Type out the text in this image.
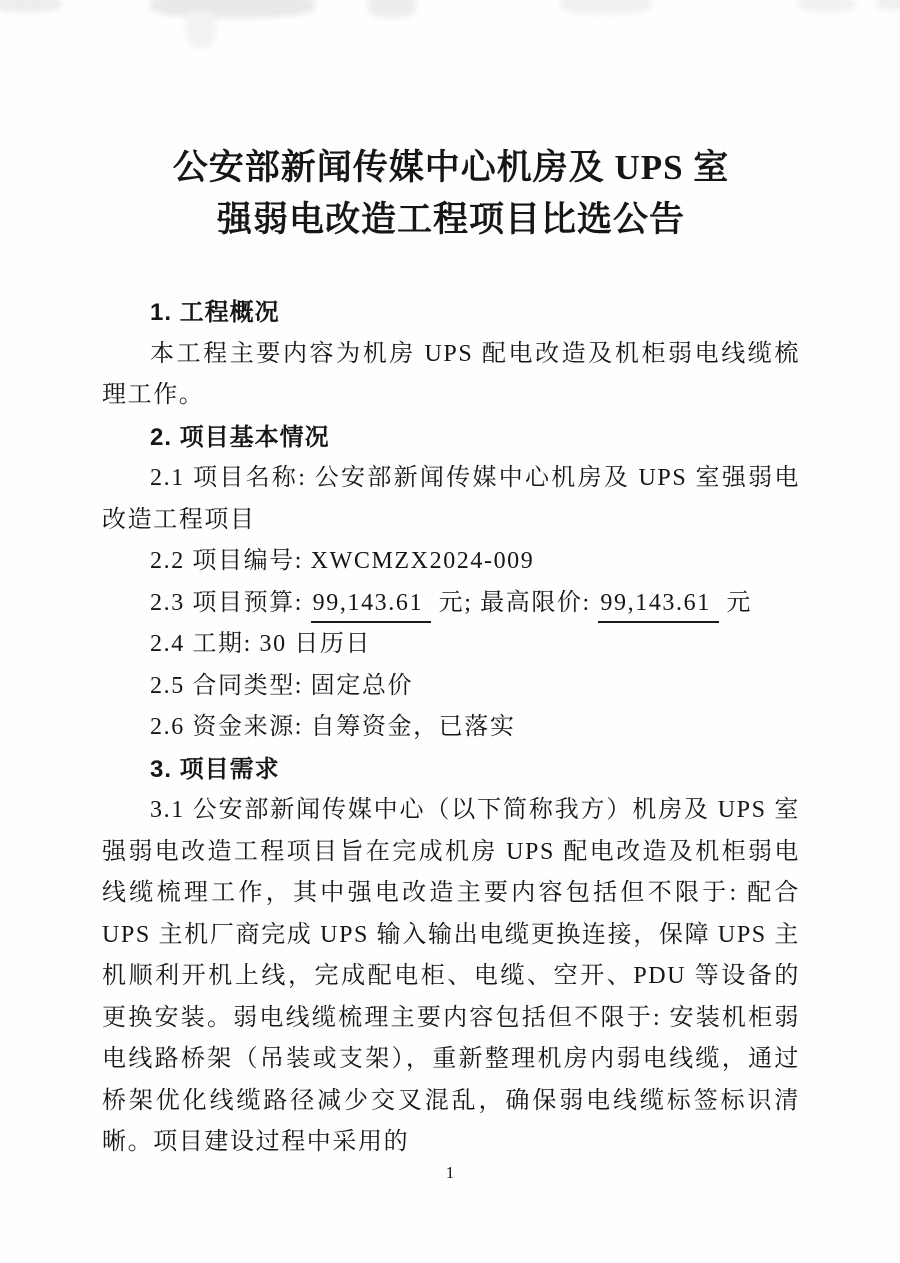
公安部新闻传媒中心机房及 UPS 室
强弱电改造工程项目比选公告

1. 工程概况

本工程主要内容为机房 UPS 配电改造及机柜弱电线缆梳理工作。

2. 项目基本情况

2.1 项目名称: 公安部新闻传媒中心机房及 UPS 室强弱电改造工程项目

2.2 项目编号: XWCMZX2024-009

2.3 项目预算: 99,143.61 元; 最高限价: 99,143.61 元

2.4 工期: 30 日历日

2.5 合同类型: 固定总价

2.6 资金来源: 自筹资金，已落实

3. 项目需求

3.1 公安部新闻传媒中心（以下简称我方）机房及 UPS 室强弱电改造工程项目旨在完成机房 UPS 配电改造及机柜弱电线缆梳理工作，其中强电改造主要内容包括但不限于: 配合 UPS 主机厂商完成 UPS 输入输出电缆更换连接，保障 UPS 主机顺利开机上线，完成配电柜、电缆、空开、PDU 等设备的更换安装。弱电线缆梳理主要内容包括但不限于: 安装机柜弱电线路桥架（吊装或支架），重新整理机房内弱电线缆，通过桥架优化线缆路径减少交叉混乱，确保弱电线缆标签标识清晰。项目建设过程中采用的

1
